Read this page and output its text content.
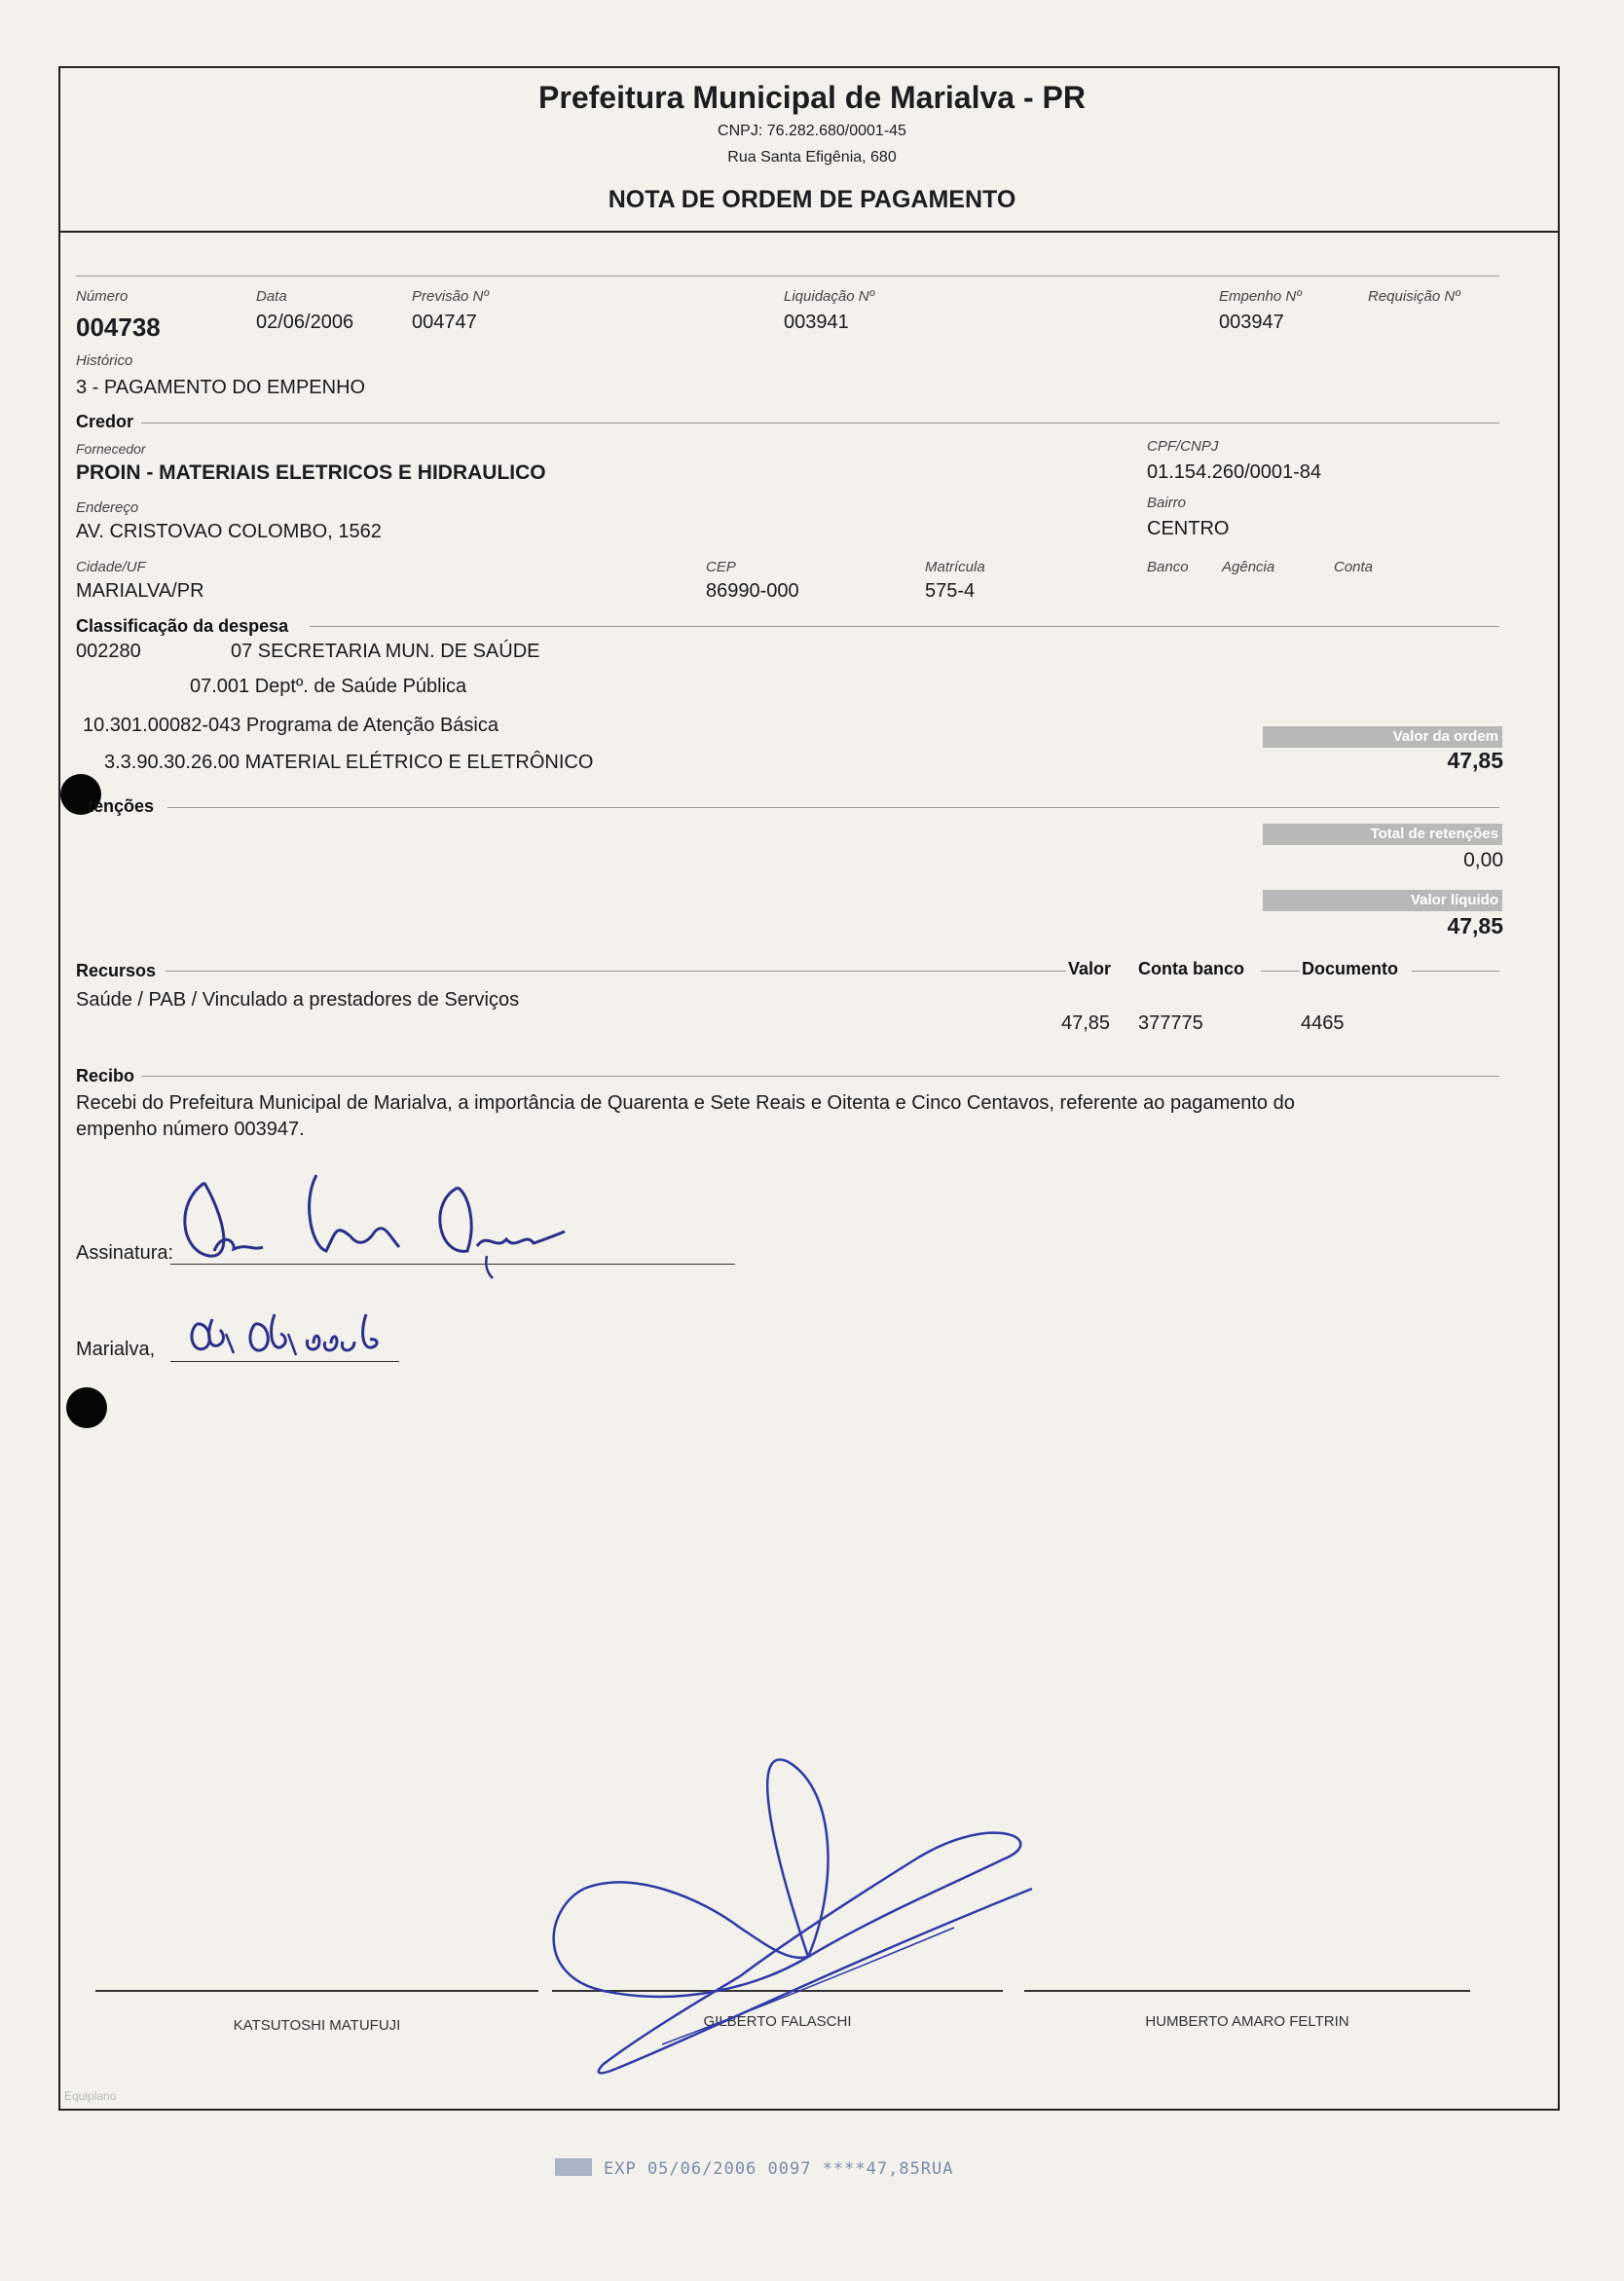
Prefeitura Municipal de Marialva - PR
CNPJ: 76.282.680/0001-45
Rua Santa Efigênia, 680
NOTA DE ORDEM DE PAGAMENTO
Número
004738
Data
02/06/2006
Previsão Nº
004747
Liquidação Nº
003941
Empenho Nº
003947
Requisição Nº
Histórico
3 - PAGAMENTO DO EMPENHO
Credor
Fornecedor
PROIN - MATERIAIS ELETRICOS E HIDRAULICO
CPF/CNPJ
01.154.260/0001-84
Endereço
AV. CRISTOVAO COLOMBO, 1562
Bairro
CENTRO
Cidade/UF
MARIALVA/PR
CEP
86990-000
Matrícula
575-4
Banco Agência	Conta
Classificação da despesa
002280	07 SECRETARIA MUN. DE SAÚDE
07.001 Deptº. de Saúde Pública
10.301.00082-043 Programa de Atenção Básica
3.3.90.30.26.00 MATERIAL ELÉTRICO E ELETRÔNICO
Valor da ordem
47,85
tenções
Total de retenções
0,00
Valor líquido
47,85
Recursos	Valor Conta banco	Documento
Saúde / PAB / Vinculado a prestadores de Serviços
47,85 377775	4465
Recibo
Recebi do Prefeitura Municipal de Marialva, a importância de Quarenta e Sete Reais e Oitenta e Cinco Centavos, referente ao pagamento do
empenho número 003947.
Assinatura:
Marialva,
KATSUTOSHI MATUFUJI	GILBERTO FALASCHI	HUMBERTO AMARO FELTRIN
Equiplano
EXP 05/06/2006 0097 ****47,85RUA
